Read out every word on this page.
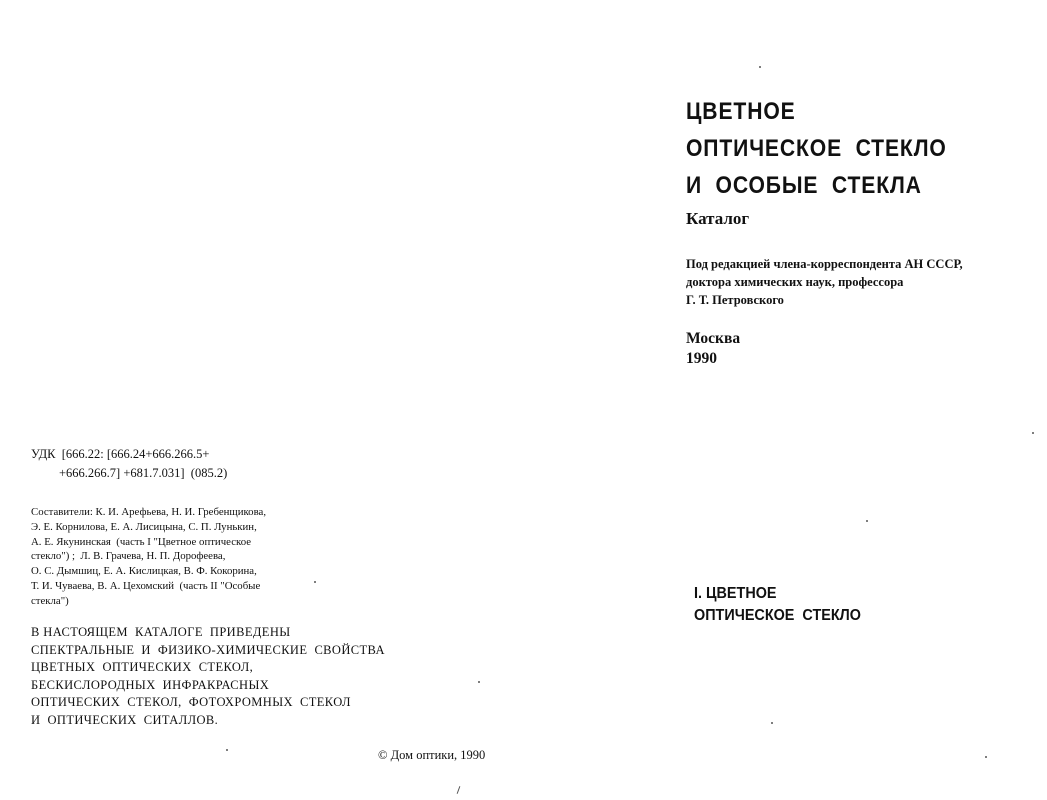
ЦВЕТНОЕ
ОПТИЧЕСКОЕ  СТЕКЛО
И  ОСОБЫЕ  СТЕКЛА
Каталог
Под редакцией члена-корреспондента АН СССР,
доктора химических наук, профессора
Г. Т. Петровского
Москва
1990
I. ЦВЕТНОЕ
ОПТИЧЕСКОЕ  СТЕКЛО
УДК  [666.22: [666.24+666.266.5+
+666.266.7] +681.7.031]  (085.2)
Составители: К. И. Арефьева, Н. И. Гребенщикова,
Э. Е. Корнилова, Е. А. Лисицына, С. П. Лунькин,
А. Е. Якунинская  (часть I "Цветное оптическое
стекло") ;  Л. В. Грачева, Н. П. Дорофеева,
О. С. Дымшиц, Е. А. Кислицкая, В. Ф. Кокорина,
Т. И. Чуваева, В. А. Цехомский  (часть II "Особые
стекла")
В НАСТОЯЩЕМ  КАТАЛОГЕ  ПРИВЕДЕНЫ
СПЕКТРАЛЬНЫЕ  И  ФИЗИКО-ХИМИЧЕСКИЕ  СВОЙСТВА
ЦВЕТНЫХ  ОПТИЧЕСКИХ  СТЕКОЛ,
БЕСКИСЛОРОДНЫХ  ИНФРАКРАСНЫХ
ОПТИЧЕСКИХ  СТЕКОЛ,  ФОТОХРОМНЫХ  СТЕКОЛ
И  ОПТИЧЕСКИХ  СИТАЛЛОВ.
© Дом оптики, 1990
